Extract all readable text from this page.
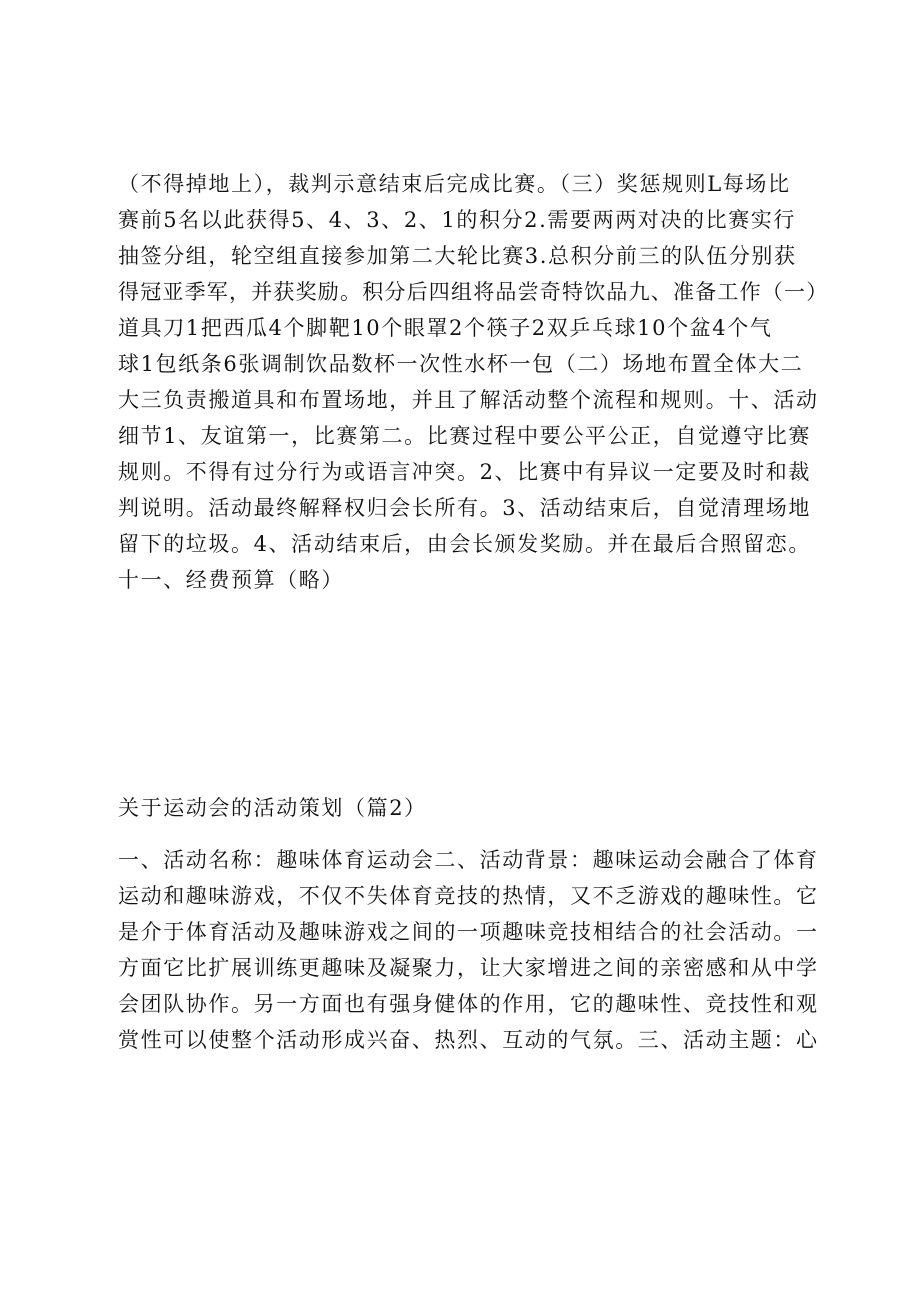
（不得掉地上），裁判示意结束后完成比赛。（三）奖惩规则L每场比
赛前5名以此获得5、4、3、2、1的积分2.需要两两对决的比赛实行
抽签分组，轮空组直接参加第二大轮比赛3.总积分前三的队伍分别获
得冠亚季军，并获奖励。积分后四组将品尝奇特饮品九、准备工作（一）
道具刀1把西瓜4个脚靶10个眼罩2个筷子2双乒乓球10个盆4个气
球1包纸条6张调制饮品数杯一次性水杯一包（二）场地布置全体大二
大三负责搬道具和布置场地，并且了解活动整个流程和规则。十、活动
细节1、友谊第一，比赛第二。比赛过程中要公平公正，自觉遵守比赛
规则。不得有过分行为或语言冲突。2、比赛中有异议一定要及时和裁
判说明。活动最终解释权归会长所有。3、活动结束后，自觉清理场地
留下的垃圾。4、活动结束后，由会长颁发奖励。并在最后合照留恋。
十一、经费预算（略）
关于运动会的活动策划（篇2）
一、活动名称：趣味体育运动会二、活动背景：趣味运动会融合了体育
运动和趣味游戏，不仅不失体育竞技的热情，又不乏游戏的趣味性。它
是介于体育活动及趣味游戏之间的一项趣味竞技相结合的社会活动。一
方面它比扩展训练更趣味及凝聚力，让大家增进之间的亲密感和从中学
会团队协作。另一方面也有强身健体的作用，它的趣味性、竞技性和观
赏性可以使整个活动形成兴奋、热烈、互动的气氛。三、活动主题：心
